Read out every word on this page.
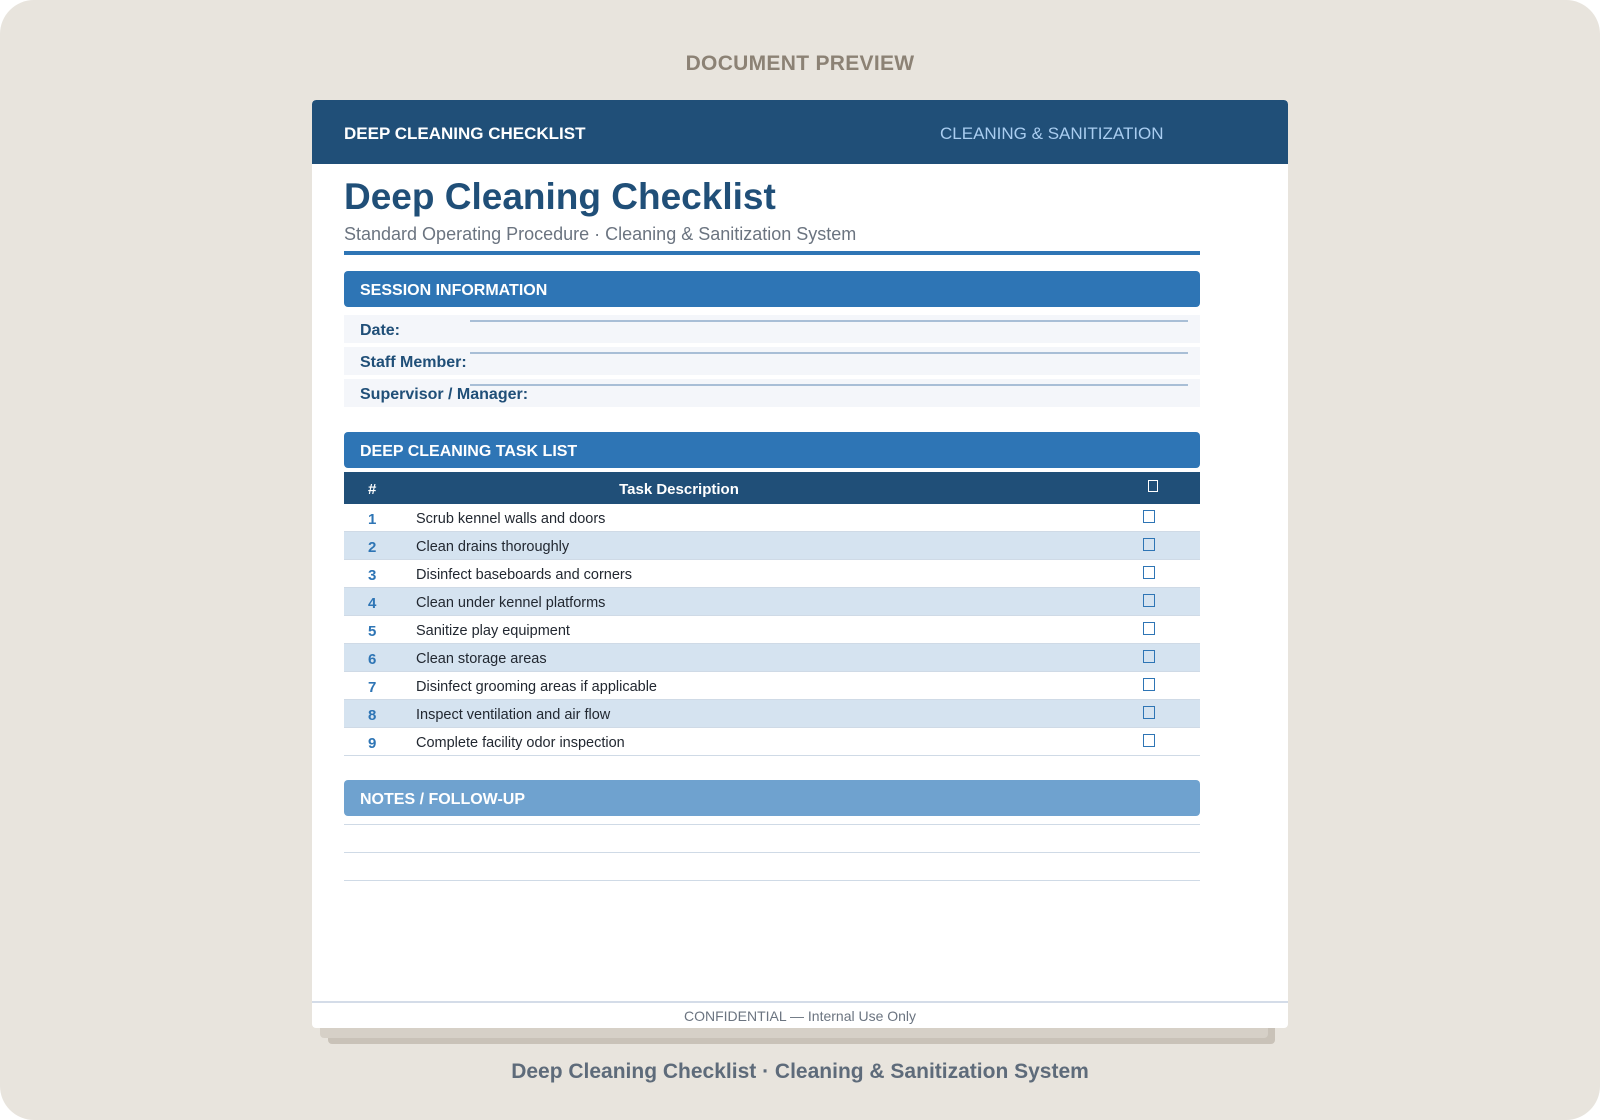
DOCUMENT PREVIEW
DEEP CLEANING CHECKLIST	CLEANING & SANITIZATION
Deep Cleaning Checklist
Standard Operating Procedure · Cleaning & Sanitization System
SESSION INFORMATION
Date:
Staff Member:
Supervisor / Manager:
DEEP CLEANING TASK LIST
#	Task Description
1	Scrub kennel walls and doors
2	Clean drains thoroughly
3	Disinfect baseboards and corners
4	Clean under kennel platforms
5	Sanitize play equipment
6	Clean storage areas
7	Disinfect grooming areas if applicable
8	Inspect ventilation and air flow
9	Complete facility odor inspection
NOTES / FOLLOW-UP
CONFIDENTIAL — Internal Use Only
Deep Cleaning Checklist · Cleaning & Sanitization System
